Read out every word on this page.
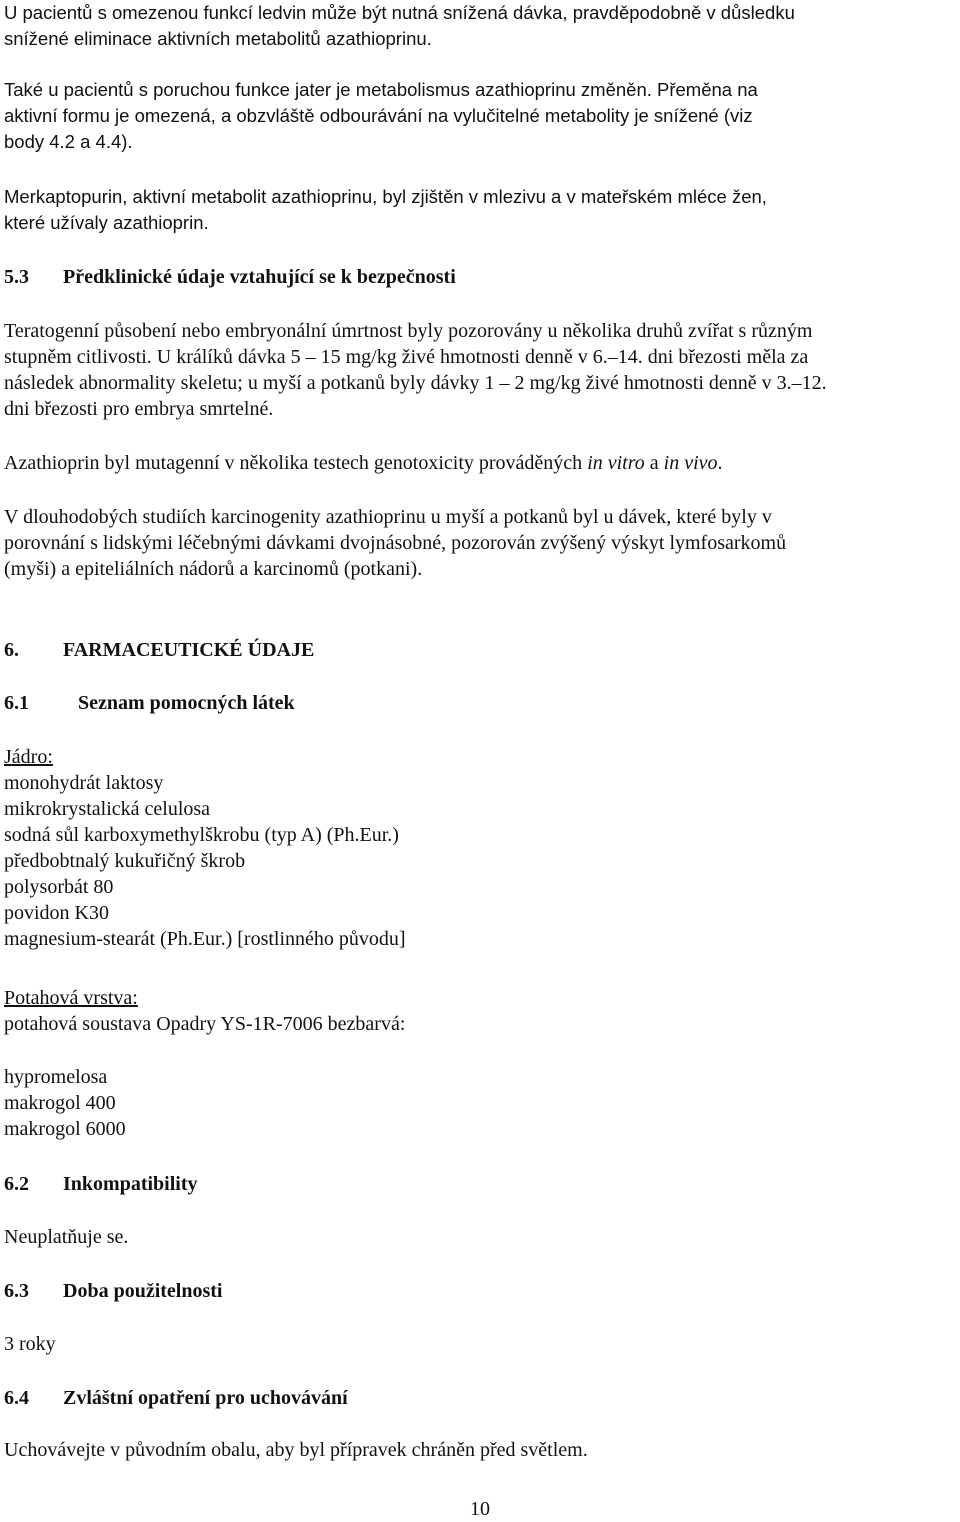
U pacientů s omezenou funkcí ledvin může být nutná snížená dávka, pravděpodobně v důsledku
snížené eliminace aktivních metabolitů azathioprinu.
Také u pacientů s poruchou funkce jater je metabolismus azathioprinu změněn. Přeměna na
aktivní formu je omezená, a obzvláště odbourávání na vylučitelné metabolity je snížené (viz
body 4.2 a 4.4).
Merkaptopurin, aktivní metabolit azathioprinu, byl zjištěn v mlezivu a v mateřském mléce žen,
které užívaly azathioprin.
5.3 Předklinické údaje vztahující se k bezpečnosti
Teratogenní působení nebo embryonální úmrtnost byly pozorovány u několika druhů zvířat s různým
stupněm citlivosti. U králíků dávka 5 – 15 mg/kg živé hmotnosti denně v 6.–14. dni březosti měla za
následek abnormality skeletu; u myší a potkanů byly dávky 1 – 2 mg/kg živé hmotnosti denně v 3.–12.
dni březosti pro embrya smrtelné.
Azathioprin byl mutagenní v několika testech genotoxicity prováděných in vitro a in vivo.
V dlouhodobých studiích karcinogenity azathioprinu u myší a potkanů byl u dávek, které byly v
porovnání s lidskými léčebnými dávkami dvojnásobné, pozorován zvýšený výskyt lymfosarkomů
(myši) a epiteliálních nádorů a karcinomů (potkani).
6. FARMACEUTICKÉ ÚDAJE
6.1 Seznam pomocných látek
Jádro:
monohydrát laktosy
mikrokrystalická celulosa
sodná sůl karboxymethylškrobu (typ A) (Ph.Eur.)
předbobtnalý kukuřičný škrob
polysorbát 80
povidon K30
magnesium-stearát (Ph.Eur.) [rostlinného původu]
Potahová vrstva:
potahová soustava Opadry YS-1R-7006 bezbarvá:
hypromelosa
makrogol 400
makrogol 6000
6.2 Inkompatibility
Neuplatňuje se.
6.3 Doba použitelnosti
3 roky
6.4 Zvláštní opatření pro uchovávání
Uchovávejte v původním obalu, aby byl přípravek chráněn před světlem.
10
